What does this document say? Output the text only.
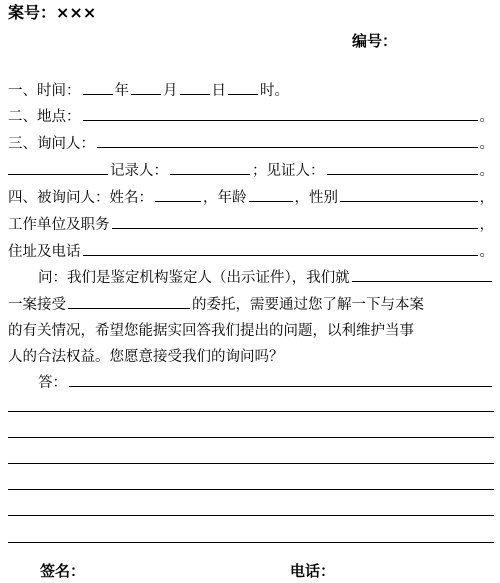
案号：×××
编号：
一、时间： 年 月 日 时。
二、地点：	。
三、询问人：	。
记录人：	； 见证人：	。
四、被询问人：姓名：	，年龄	，性别	，
工作单位及职务	，
住址及电话	。
问：我们是鉴定机构鉴定人（出示证件），我们就
一案接受	的委托，需要通过您了解一下与本案
的有关情况，希望您能据实回答我们提出的问题，以利维护当事
人的合法权益。您愿意接受我们的询问吗？
答：
签名：	电话：
